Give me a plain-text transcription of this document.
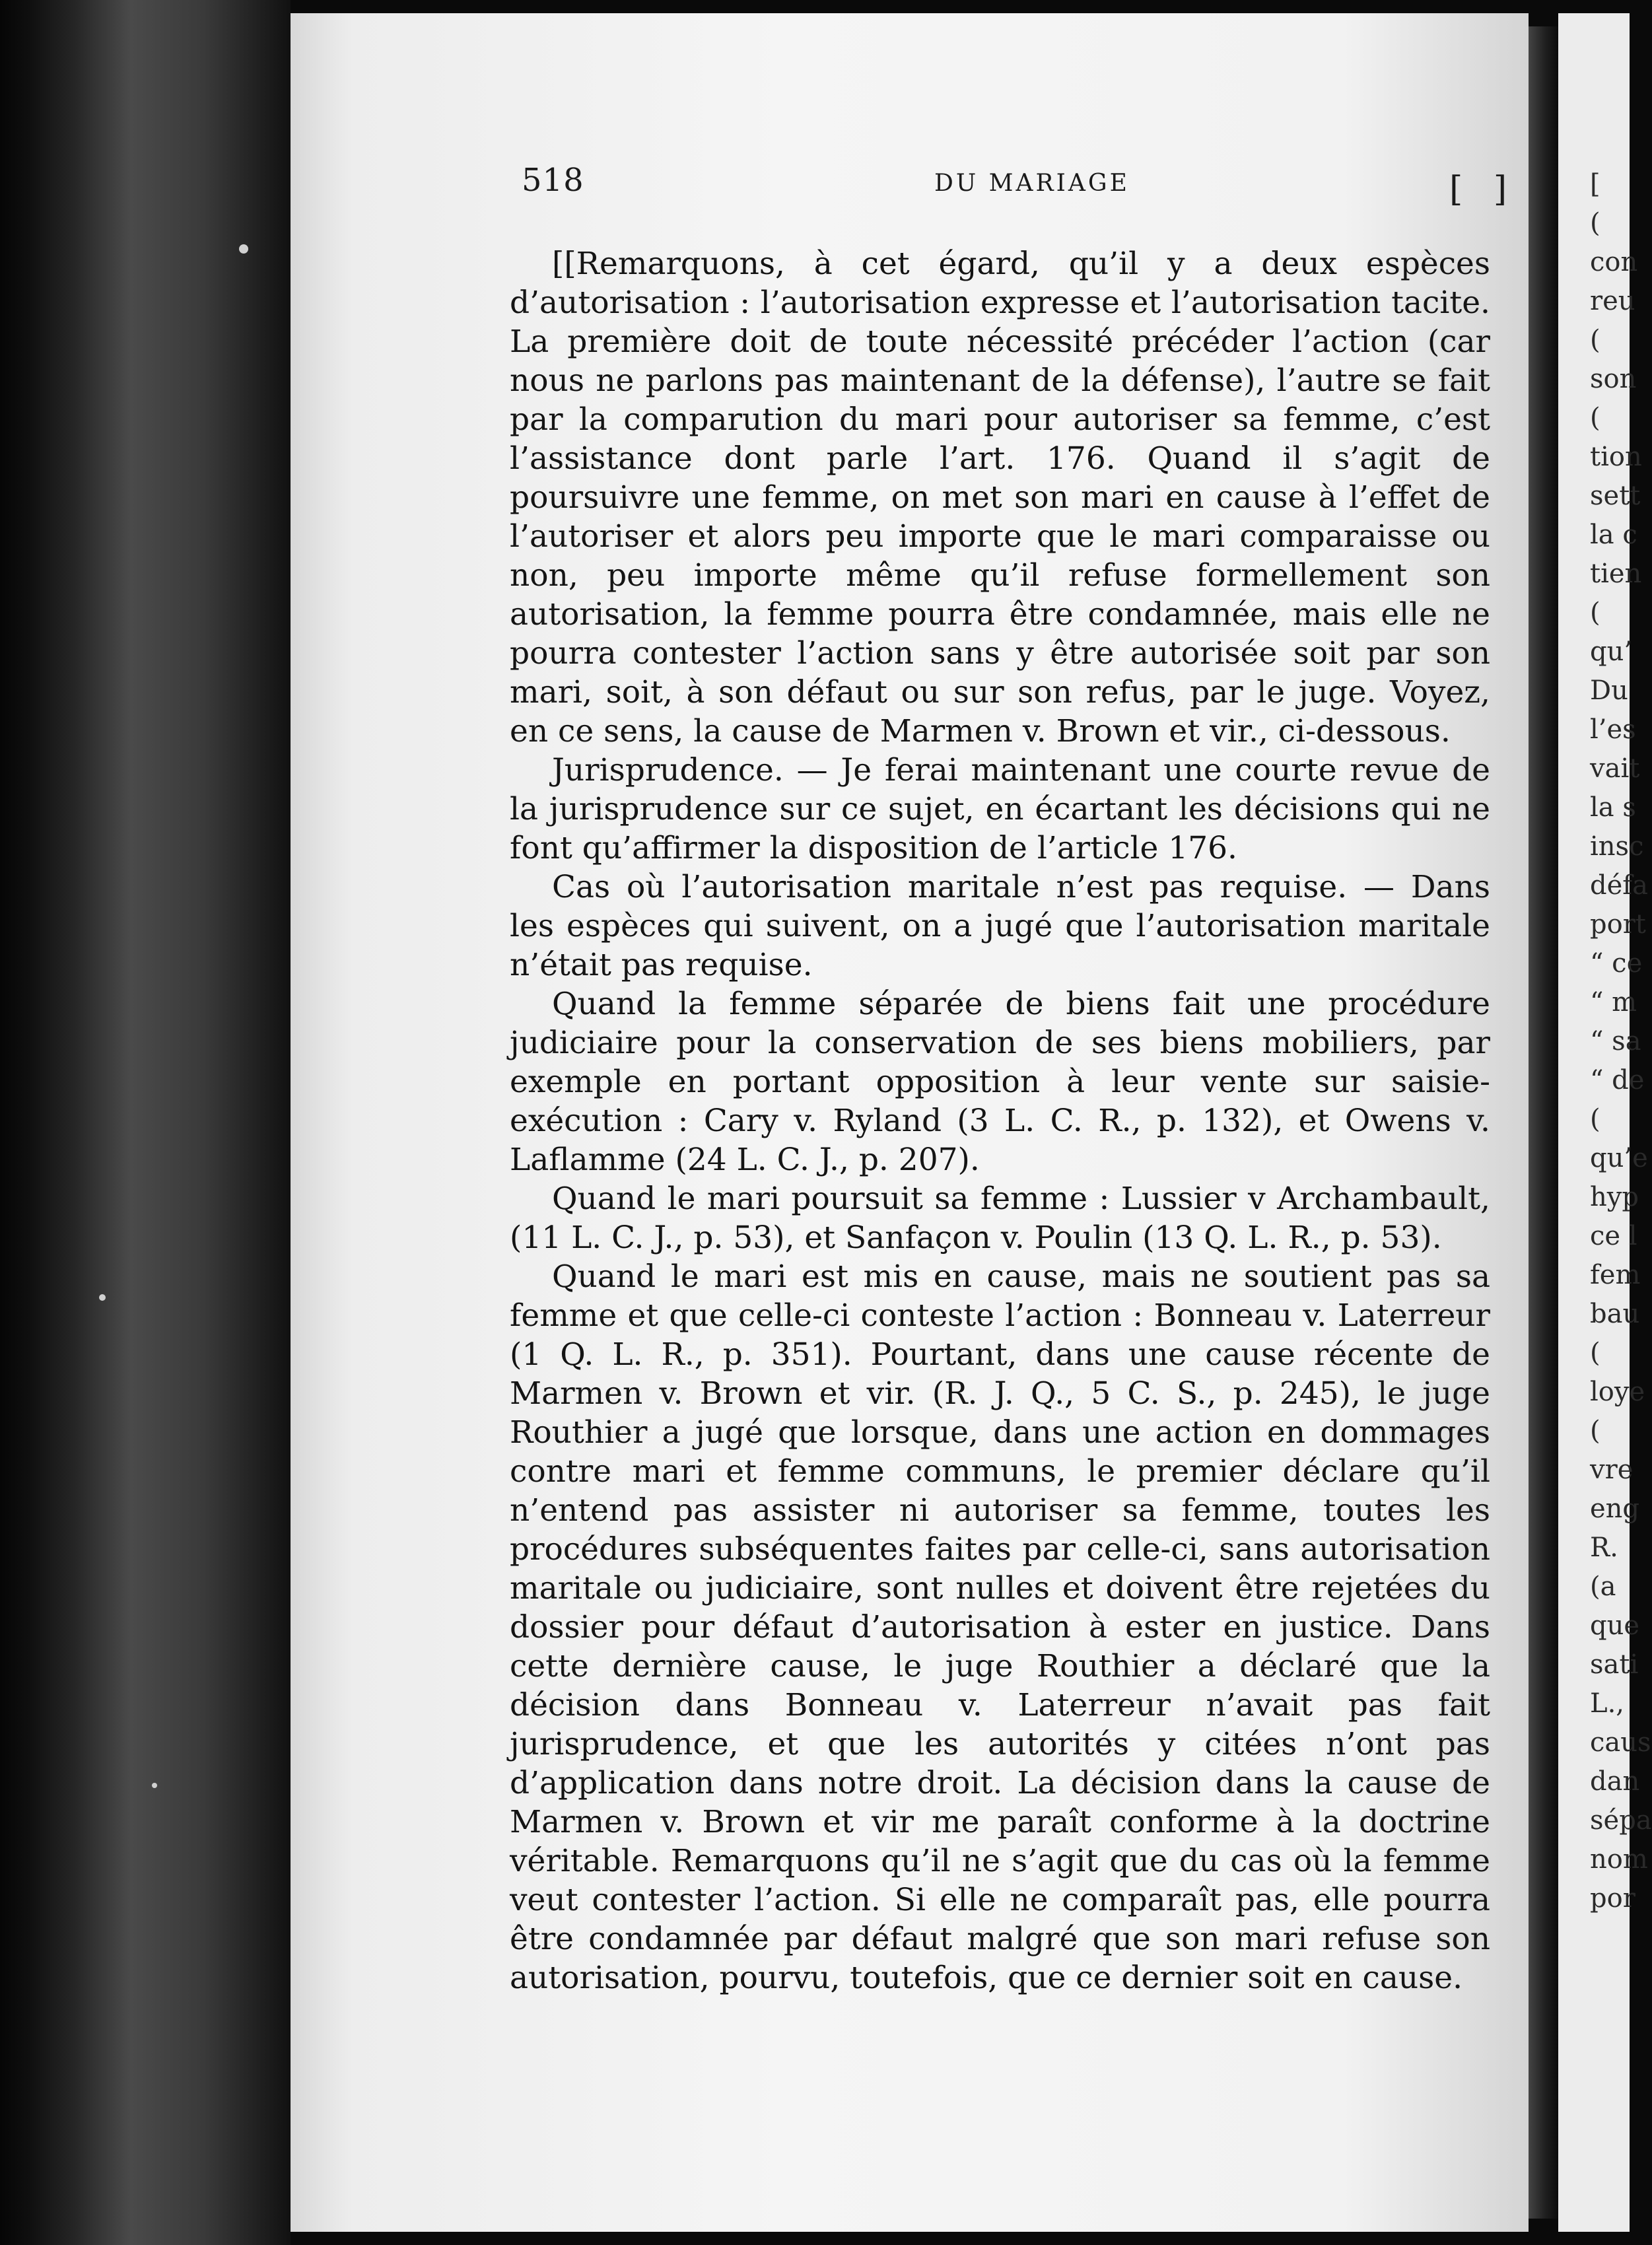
518	DU MARIAGE	[ ]

[[Remarquons, à cet égard, qu’il y a deux espèces d’autorisation : l’autorisation expresse et l’autorisation tacite. La première doit de toute nécessité précéder l’action (car nous ne parlons pas maintenant de la défense), l’autre se fait par la comparution du mari pour autoriser sa femme, c’est l’assistance dont parle l’art. 176. Quand il s’agit de poursuivre une femme, on met son mari en cause à l’effet de l’autoriser et alors peu importe que le mari comparaisse ou non, peu importe même qu’il refuse formellement son autorisation, la femme pourra être condamnée, mais elle ne pourra contester l’action sans y être autorisée soit par son mari, soit, à son défaut ou sur son refus, par le juge. Voyez, en ce sens, la cause de Marmen v. Brown et vir., ci-dessous.

Jurisprudence. — Je ferai maintenant une courte revue de la jurisprudence sur ce sujet, en écartant les décisions qui ne font qu’affirmer la disposition de l’article 176.

Cas où l’autorisation maritale n’est pas requise. — Dans les espèces qui suivent, on a jugé que l’autorisation maritale n’était pas requise.

Quand la femme séparée de biens fait une procédure judiciaire pour la conservation de ses biens mobiliers, par exemple en portant opposition à leur vente sur saisie-exécution : Cary v. Ryland (3 L. C. R., p. 132), et Owens v. Laflamme (24 L. C. J., p. 207).

Quand le mari poursuit sa femme : Lussier v Archambault, (11 L. C. J., p. 53), et Sanfaçon v. Poulin (13 Q. L. R., p. 53).

Quand le mari est mis en cause, mais ne soutient pas sa femme et que celle-ci conteste l’action : Bonneau v. Laterreur (1 Q. L. R., p. 351). Pourtant, dans une cause récente de Marmen v. Brown et vir. (R. J. Q., 5 C. S., p. 245), le juge Routhier a jugé que lorsque, dans une action en dommages contre mari et femme communs, le premier déclare qu’il n’entend pas assister ni autoriser sa femme, toutes les procédures subséquentes faites par celle-ci, sans autorisation maritale ou judiciaire, sont nulles et doivent être rejetées du dossier pour défaut d’autorisation à ester en justice. Dans cette dernière cause, le juge Routhier a déclaré que la décision dans Bonneau v. Laterreur n’avait pas fait jurisprudence, et que les autorités y citées n’ont pas d’application dans notre droit. La décision dans la cause de Marmen v. Brown et vir me paraît conforme à la doctrine véritable. Remarquons qu’il ne s’agit que du cas où la femme veut contester l’action. Si elle ne comparaît pas, elle pourra être condamnée par défaut malgré que son mari refuse son autorisation, pourvu, toutefois, que ce dernier soit en cause.

[
(
con
reu
(
son
(
tion
sett
la c
tien
(
qu’
Du
l’es
vait
la s
insc
défa
port
“ ce
“ m
“ sa
“ de
(
qu’e
hyp
ce l
fem
bau
(
loye
(
vre
eng
R.
(a
que
sati
L.,
caus
dan
sépa
nom
por
